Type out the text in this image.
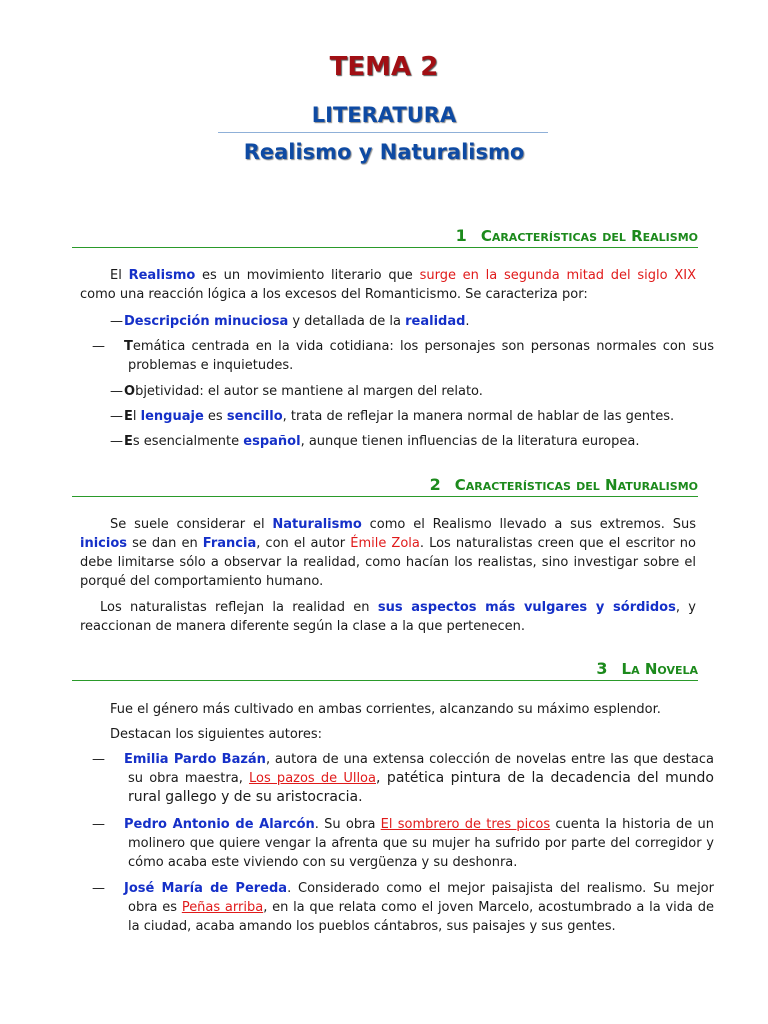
TEMA 2
LITERATURA
Realismo y Naturalismo
1 Características del Realismo
El Realismo es un movimiento literario que surge en la segunda mitad del siglo XIX como una reacción lógica a los excesos del Romanticismo. Se caracteriza por:
—Descripción minuciosa y detallada de la realidad.
— Temática centrada en la vida cotidiana: los personajes son personas normales con sus problemas e inquietudes.
—Objetividad: el autor se mantiene al margen del relato.
—El lenguaje es sencillo, trata de reflejar la manera normal de hablar de las gentes.
—Es esencialmente español, aunque tienen influencias de la literatura europea.
2 Características del Naturalismo
Se suele considerar el Naturalismo como el Realismo llevado a sus extremos. Sus inicios se dan en Francia, con el autor Émile Zola. Los naturalistas creen que el escritor no debe limitarse sólo a observar la realidad, como hacían los realistas, sino investigar sobre el porqué del comportamiento humano.
Los naturalistas reflejan la realidad en sus aspectos más vulgares y sórdidos, y reaccionan de manera diferente según la clase a la que pertenecen.
3 La Novela
Fue el género más cultivado en ambas corrientes, alcanzando su máximo esplendor.
Destacan los siguientes autores:
— Emilia Pardo Bazán, autora de una extensa colección de novelas entre las que destaca su obra maestra, Los pazos de Ulloa, patética pintura de la decadencia del mundo rural gallego y de su aristocracia.
— Pedro Antonio de Alarcón. Su obra El sombrero de tres picos cuenta la historia de un molinero que quiere vengar la afrenta que su mujer ha sufrido por parte del corregidor y cómo acaba este viviendo con su vergüenza y su deshonra.
— José María de Pereda. Considerado como el mejor paisajista del realismo. Su mejor obra es Peñas arriba, en la que relata como el joven Marcelo, acostumbrado a la vida de la ciudad, acaba amando los pueblos cántabros, sus paisajes y sus gentes.
